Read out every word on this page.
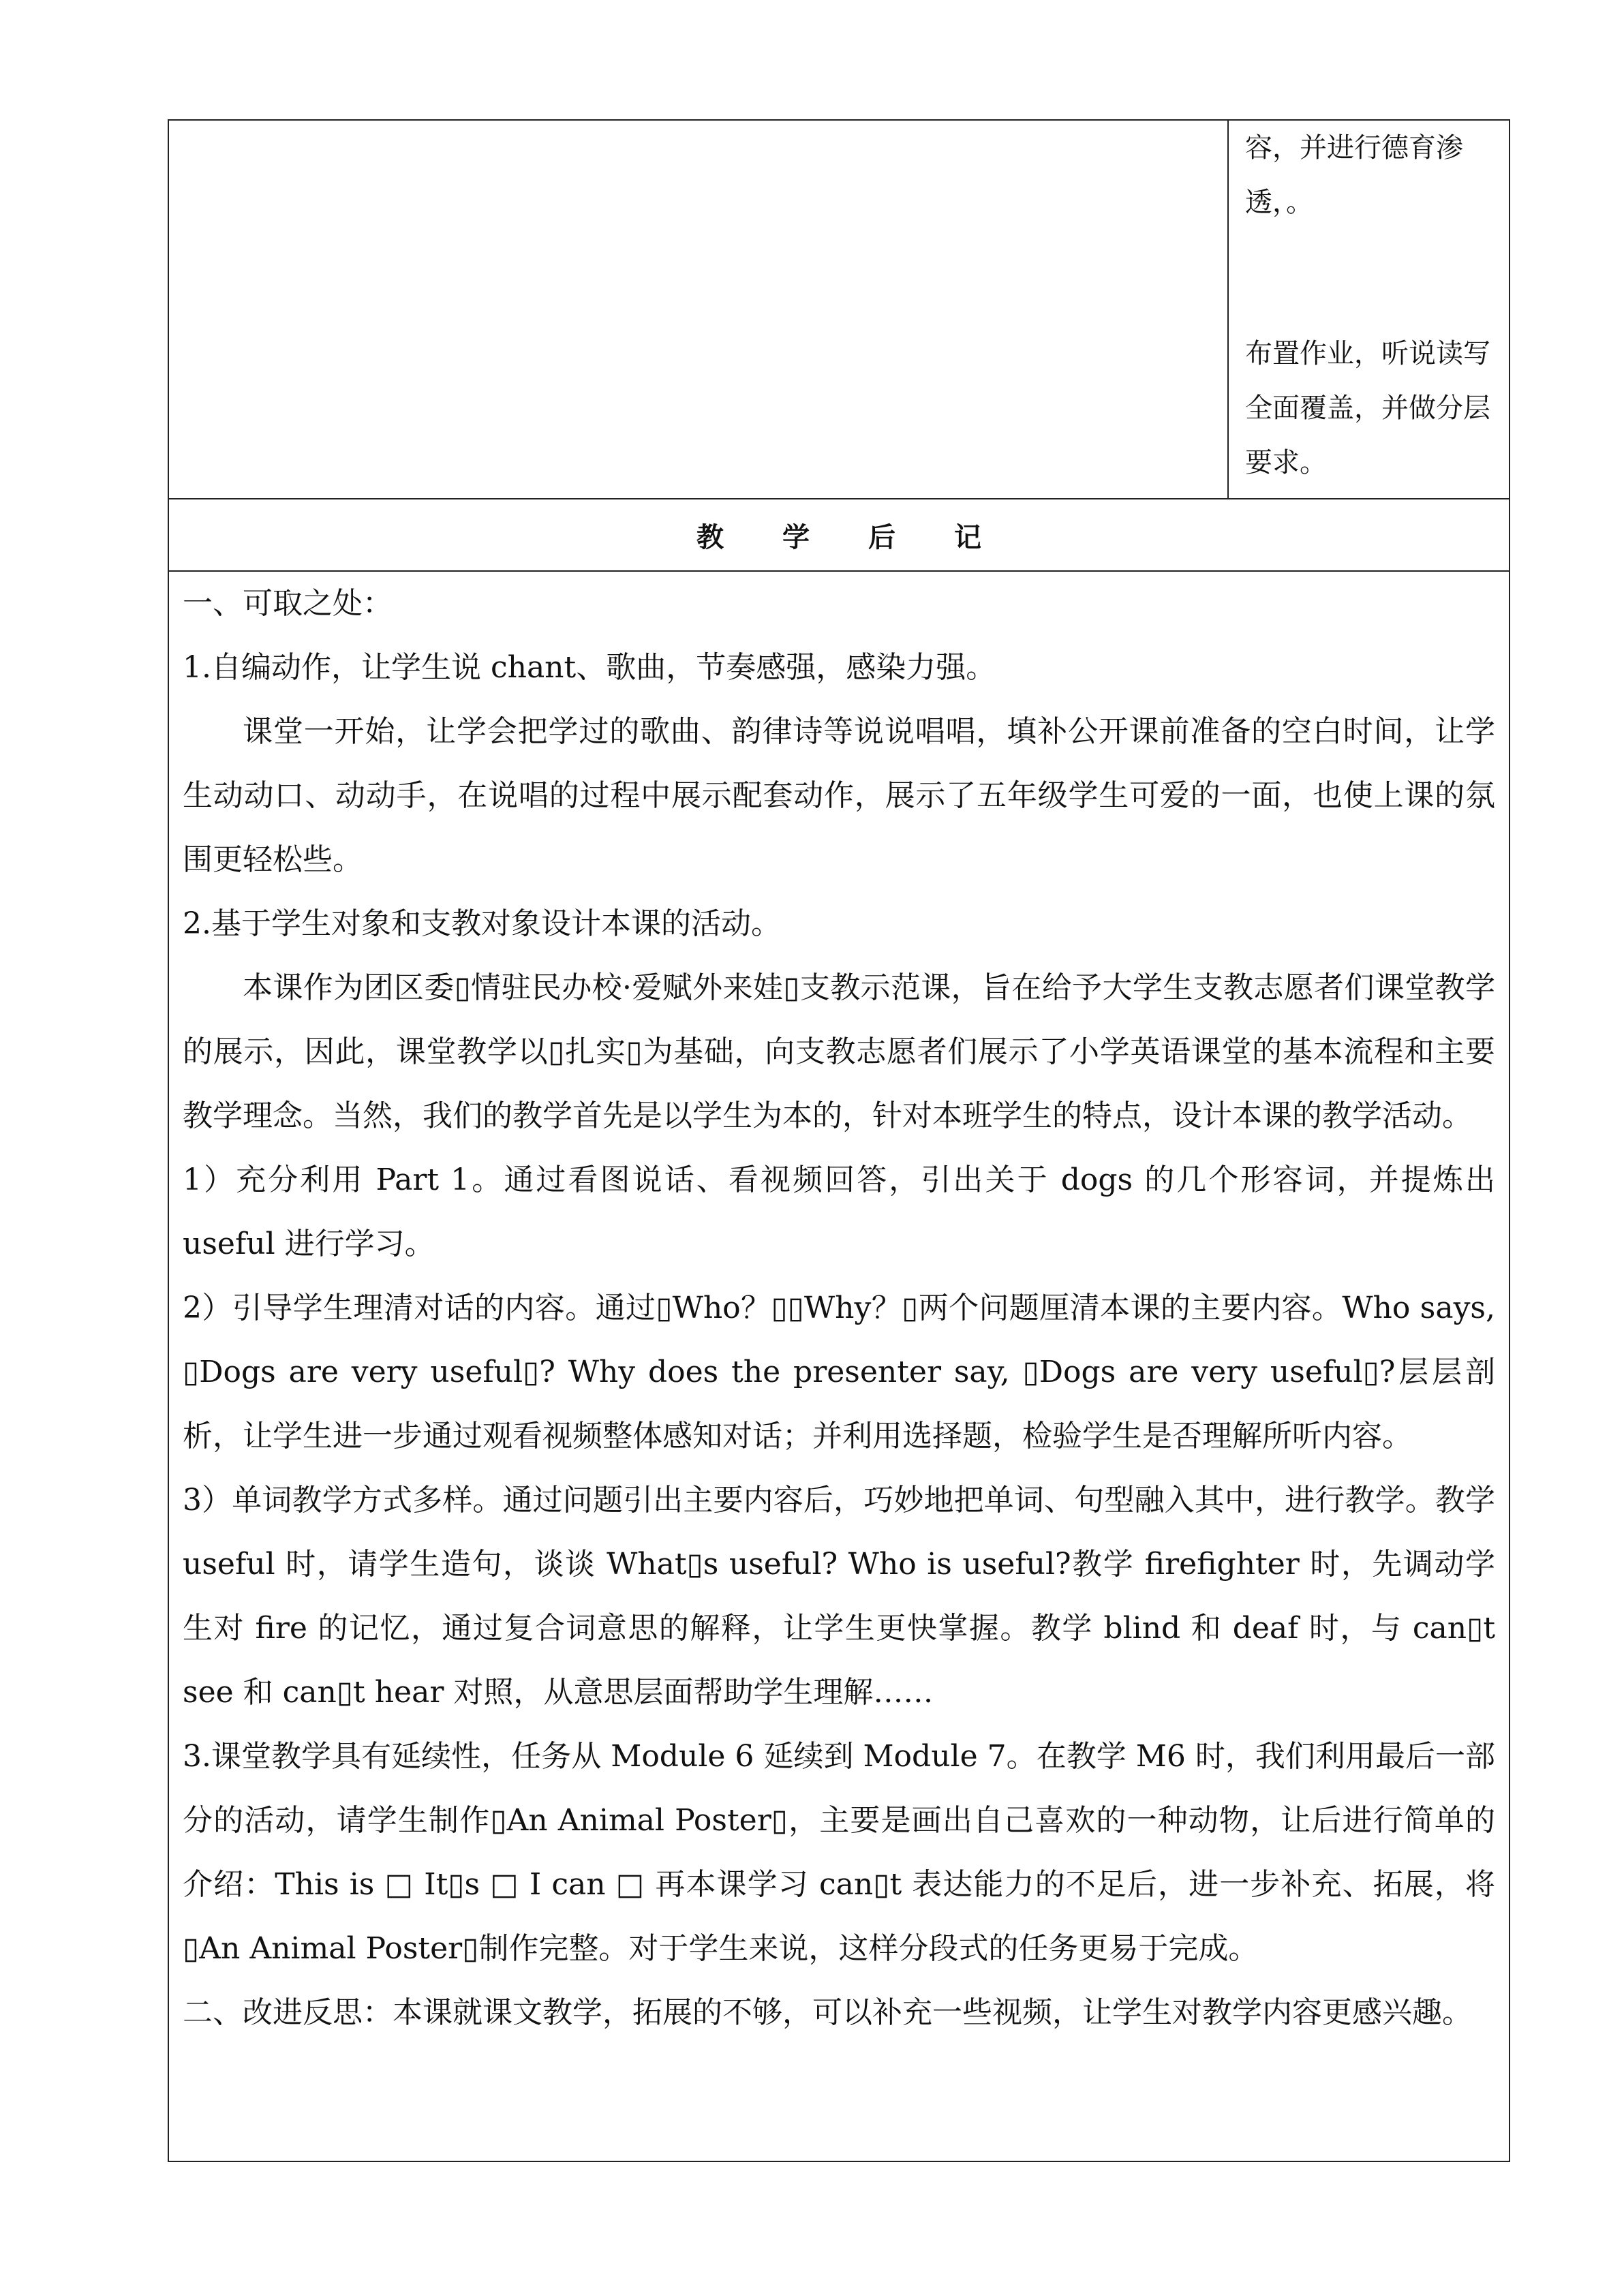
容，并进行德育渗透，。

布置作业，听说读写全面覆盖，并做分层要求。

教学后记

一、可取之处：

1.自编动作，让学生说 chant、歌曲，节奏感强，感染力强。

课堂一开始，让学会把学过的歌曲、韵律诗等说说唱唱，填补公开课前准备的空白时间，让学生动动口、动动手，在说唱的过程中展示配套动作，展示了五年级学生可爱的一面，也使上课的氛围更轻松些。

2.基于学生对象和支教对象设计本课的活动。

本课作为团区委▯情驻民办校·爱赋外来娃▯支教示范课，旨在给予大学生支教志愿者们课堂教学的展示，因此，课堂教学以▯扎实▯为基础，向支教志愿者们展示了小学英语课堂的基本流程和主要教学理念。当然，我们的教学首先是以学生为本的，针对本班学生的特点，设计本课的教学活动。

1）充分利用 Part 1。通过看图说话、看视频回答，引出关于 dogs 的几个形容词，并提炼出 useful 进行学习。

2）引导学生理清对话的内容。通过▯Who？▯▯Why？▯两个问题厘清本课的主要内容。Who says, ▯Dogs are very useful▯? Why does the presenter say, ▯Dogs are very useful▯?层层剖析，让学生进一步通过观看视频整体感知对话；并利用选择题，检验学生是否理解所听内容。

3）单词教学方式多样。通过问题引出主要内容后，巧妙地把单词、句型融入其中，进行教学。教学 useful 时，请学生造句，谈谈 What▯s useful? Who is useful?教学 firefighter 时，先调动学生对 fire 的记忆，通过复合词意思的解释，让学生更快掌握。教学 blind 和 deaf 时，与 can▯t see 和 can▯t hear 对照，从意思层面帮助学生理解……

3.课堂教学具有延续性，任务从 Module 6 延续到 Module 7。在教学 M6 时，我们利用最后一部分的活动，请学生制作▯An Animal Poster▯，主要是画出自己喜欢的一种动物，让后进行简单的介绍：This is □ It▯s □ I can □ 再本课学习 can▯t 表达能力的不足后，进一步补充、拓展，将▯An Animal Poster▯制作完整。对于学生来说，这样分段式的任务更易于完成。

二、改进反思：本课就课文教学，拓展的不够，可以补充一些视频，让学生对教学内容更感兴趣。
